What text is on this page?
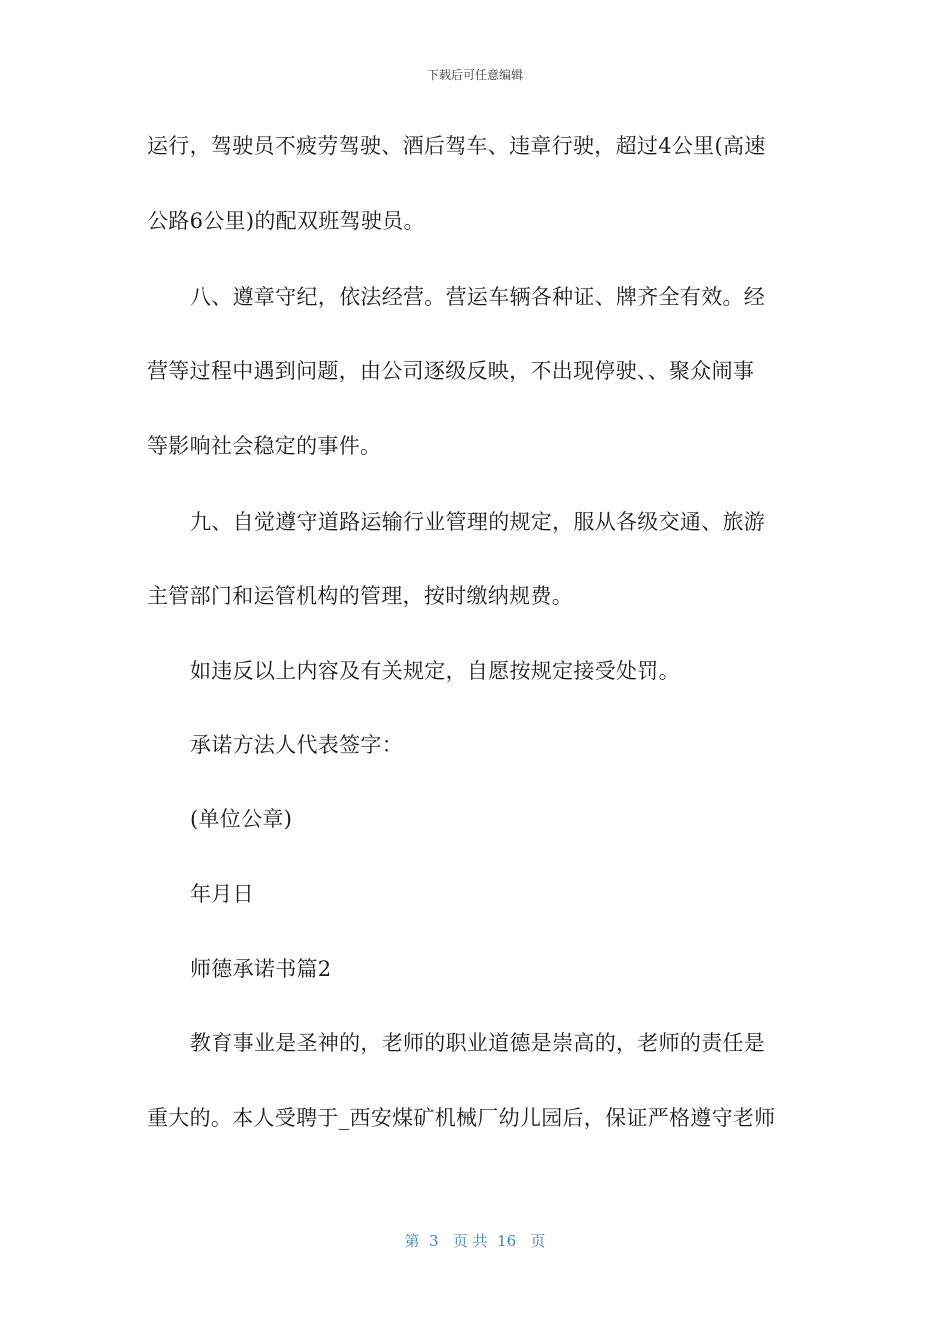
下载后可任意编辑
运行，驾驶员不疲劳驾驶、酒后驾车、违章行驶，超过4公里(高速
公路6公里)的配双班驾驶员。
八、遵章守纪，依法经营。营运车辆各种证、牌齐全有效。经
营等过程中遇到问题，由公司逐级反映，不出现停驶、、聚众闹事
等影响社会稳定的事件。
九、自觉遵守道路运输行业管理的规定，服从各级交通、旅游
主管部门和运管机构的管理，按时缴纳规费。
如违反以上内容及有关规定，自愿按规定接受处罚。
承诺方法人代表签字：
(单位公章)
年月日
师德承诺书篇2
教育事业是圣神的，老师的职业道德是崇高的，老师的责任是
重大的。本人受聘于_西安煤矿机械厂幼儿园后，保证严格遵守老师
第  3   页 共  16   页
